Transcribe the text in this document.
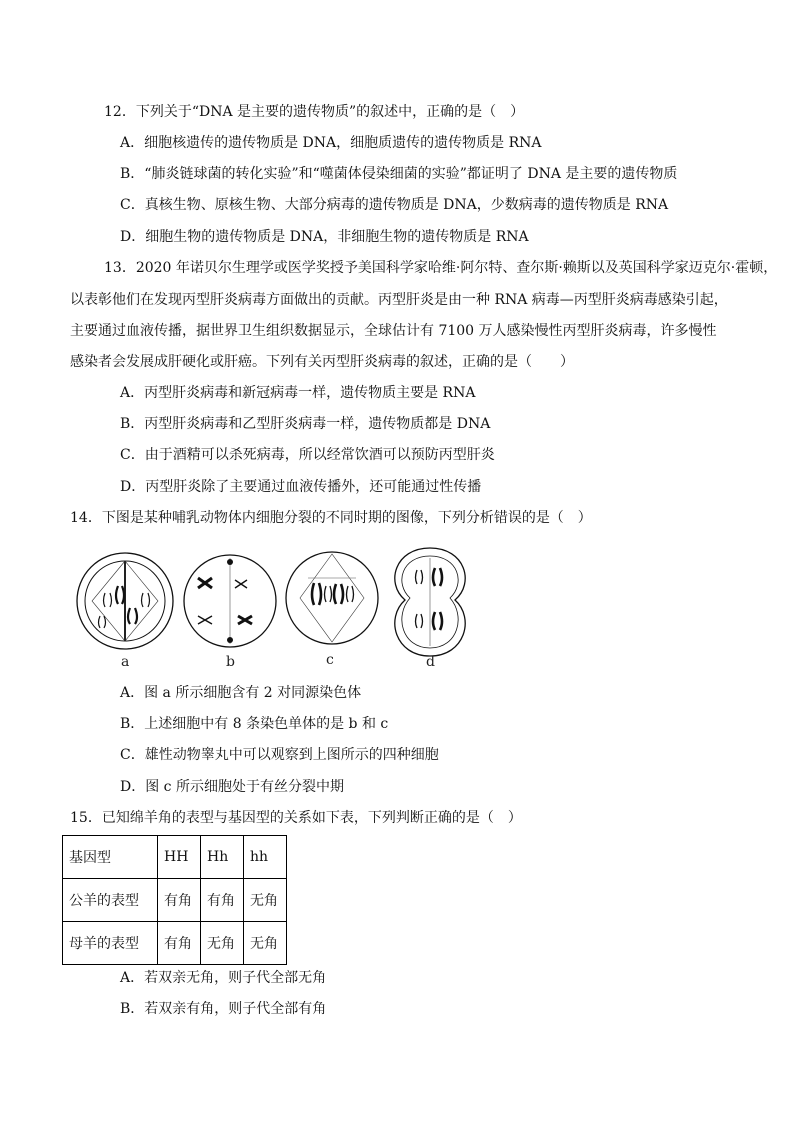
12．下列关于“DNA 是主要的遗传物质”的叙述中，正确的是（　）
A．细胞核遗传的遗传物质是 DNA，细胞质遗传的遗传物质是 RNA
B．“肺炎链球菌的转化实验”和“噬菌体侵染细菌的实验”都证明了 DNA 是主要的遗传物质
C．真核生物、原核生物、大部分病毒的遗传物质是 DNA，少数病毒的遗传物质是 RNA
D．细胞生物的遗传物质是 DNA，非细胞生物的遗传物质是 RNA
13．2020 年诺贝尔生理学或医学奖授予美国科学家哈维·阿尔特、查尔斯·赖斯以及英国科学家迈克尔·霍顿，
以表彰他们在发现丙型肝炎病毒方面做出的贡献。丙型肝炎是由一种 RNA 病毒—丙型肝炎病毒感染引起，
主要通过血液传播，据世界卫生组织数据显示，全球估计有 7100 万人感染慢性丙型肝炎病毒，许多慢性
感染者会发展成肝硬化或肝癌。下列有关丙型肝炎病毒的叙述，正确的是（　　）
A．丙型肝炎病毒和新冠病毒一样，遗传物质主要是 RNA
B．丙型肝炎病毒和乙型肝炎病毒一样，遗传物质都是 DNA
C．由于酒精可以杀死病毒，所以经常饮酒可以预防丙型肝炎
D．丙型肝炎除了主要通过血液传播外，还可能通过性传播
14．下图是某种哺乳动物体内细胞分裂的不同时期的图像，下列分析错误的是（　）
a	b	c	d
A．图 a 所示细胞含有 2 对同源染色体
B．上述细胞中有 8 条染色单体的是 b 和 c
C．雄性动物睾丸中可以观察到上图所示的四种细胞
D．图 c 所示细胞处于有丝分裂中期
15．已知绵羊角的表型与基因型的关系如下表，下列判断正确的是（　）
基因型	HH	Hh	hh
公羊的表型	有角	有角	无角
母羊的表型	有角	无角	无角
A．若双亲无角，则子代全部无角
B．若双亲有角，则子代全部有角
